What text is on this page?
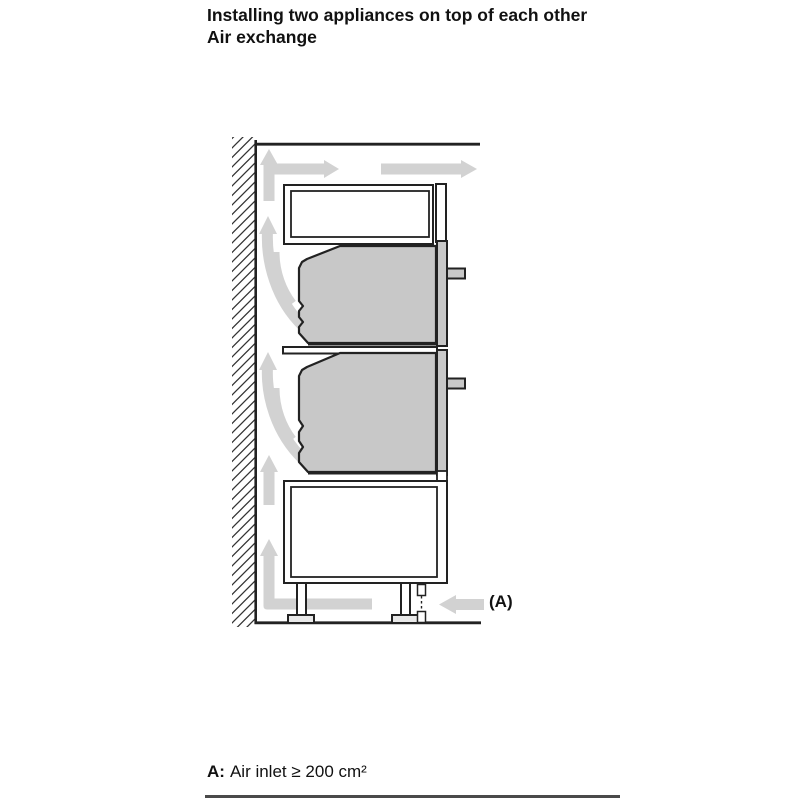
Installing two appliances on top of each other
Air exchange
(A)
A: Air inlet ≥ 200 cm²
